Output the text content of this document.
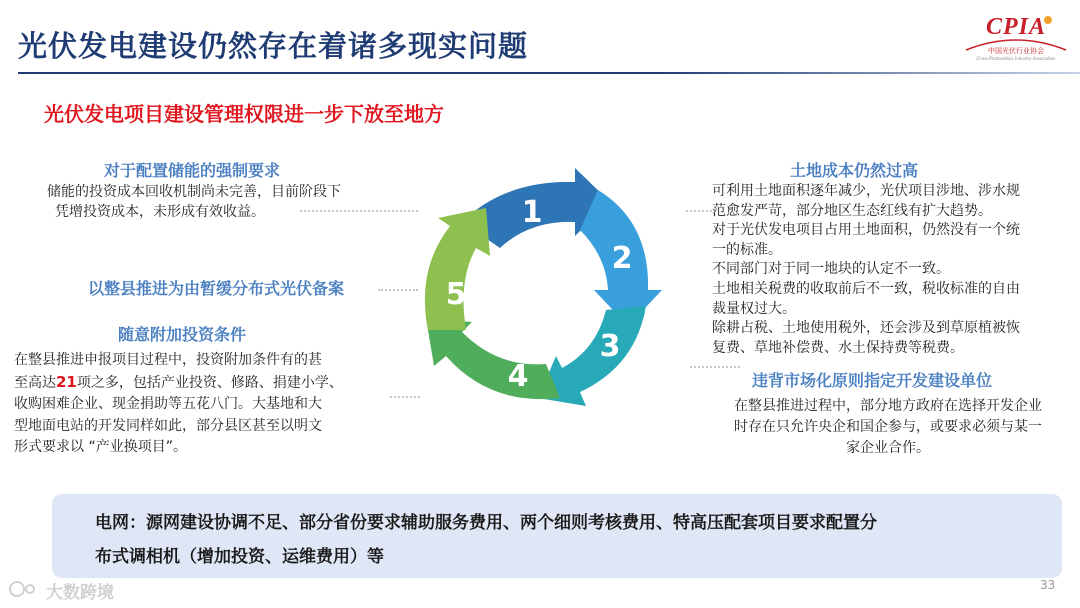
光伏发电建设仍然存在着诸多现实问题
CPIA
中国光伏行业协会
China Photovoltaic Industry Association
光伏发电项目建设管理权限进一步下放至地方
对于配置储能的强制要求
储能的投资成本回收机制尚未完善，目前阶段下
凭增投资成本，未形成有效收益。
以整县推进为由暂缓分布式光伏备案
随意附加投资条件
在整县推进申报项目过程中，投资附加条件有的甚
至高达21项之多，包括产业投资、修路、捐建小学、
收购困难企业、现金捐助等五花八门。大基地和大
型地面电站的开发同样如此，部分县区甚至以明文
形式要求以 “产业换项目”。
1
2
3
4
5
土地成本仍然过高
可利用土地面积逐年减少，光伏项目涉地、涉水规
范愈发严苛，部分地区生态红线有扩大趋势。
对于光伏发电项目占用土地面积，仍然没有一个统
一的标准。
不同部门对于同一地块的认定不一致。
土地相关税费的收取前后不一致，税收标准的自由
裁量权过大。
除耕占税、土地使用税外，还会涉及到草原植被恢
复费、草地补偿费、水土保持费等税费。
违背市场化原则指定开发建设单位
在整县推进过程中，部分地方政府在选择开发企业
时存在只允许央企和国企参与，或要求必须与某一
家企业合作。
电网：源网建设协调不足、部分省份要求辅助服务费用、两个细则考核费用、特高压配套项目要求配置分
布式调相机（增加投资、运维费用）等
大数跨境	33
